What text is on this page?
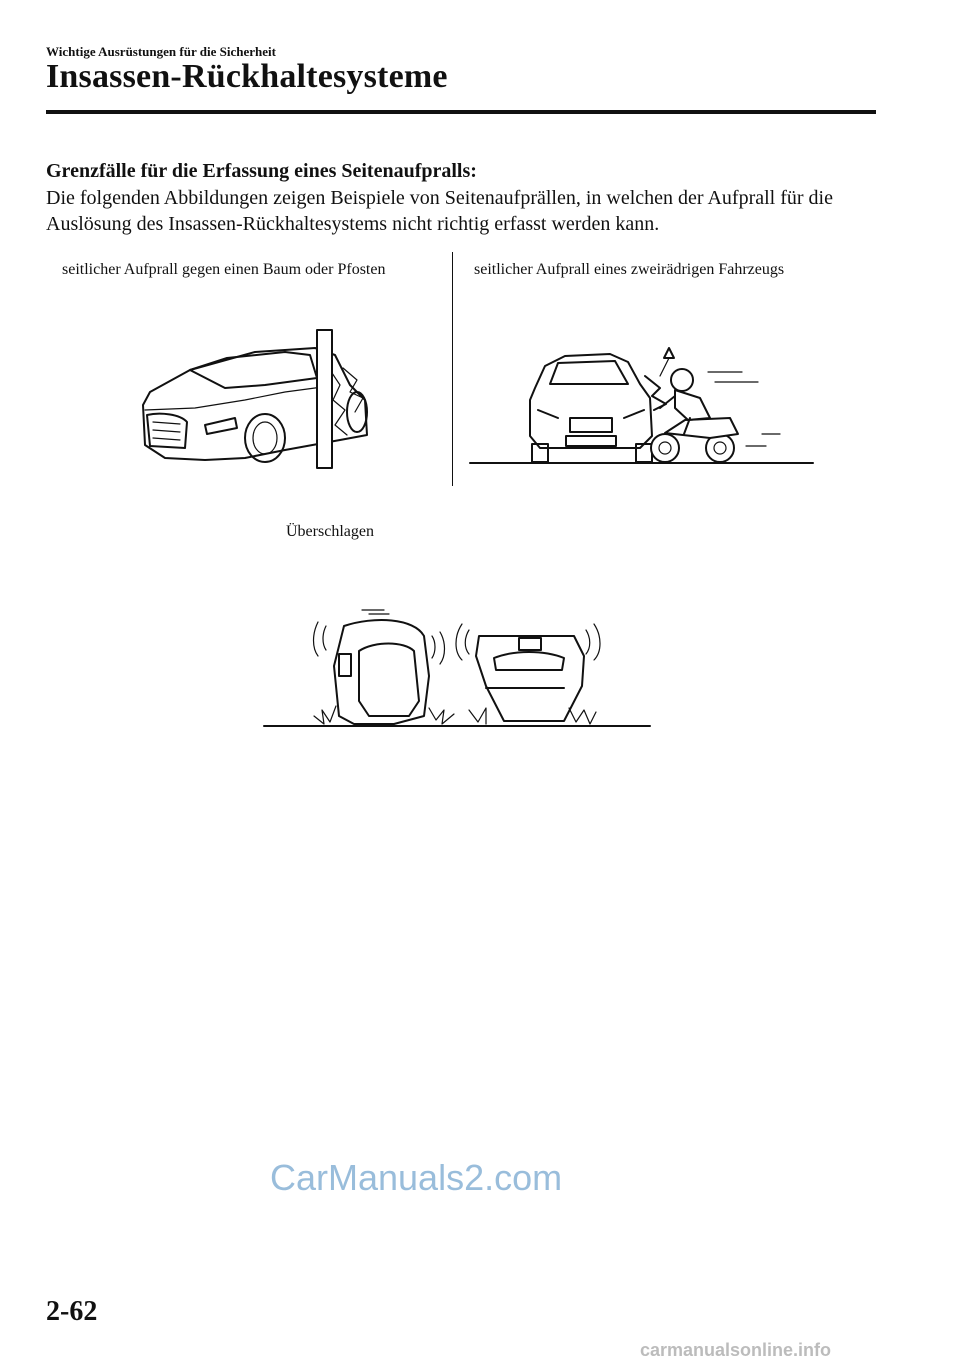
Wichtige Ausrüstungen für die Sicherheit
Insassen-Rückhaltesysteme
Grenzfälle für die Erfassung eines Seitenaufpralls:
Die folgenden Abbildungen zeigen Beispiele von Seitenaufprällen, in welchen der Aufprall für die Auslösung des Insassen-Rückhaltesystems nicht richtig erfasst werden kann.
seitlicher Aufprall gegen einen Baum oder Pfosten	seitlicher Aufprall eines zweirädrigen Fahrzeugs
Überschlagen
CarManuals2.com
2-62
carmanualsonline.info
